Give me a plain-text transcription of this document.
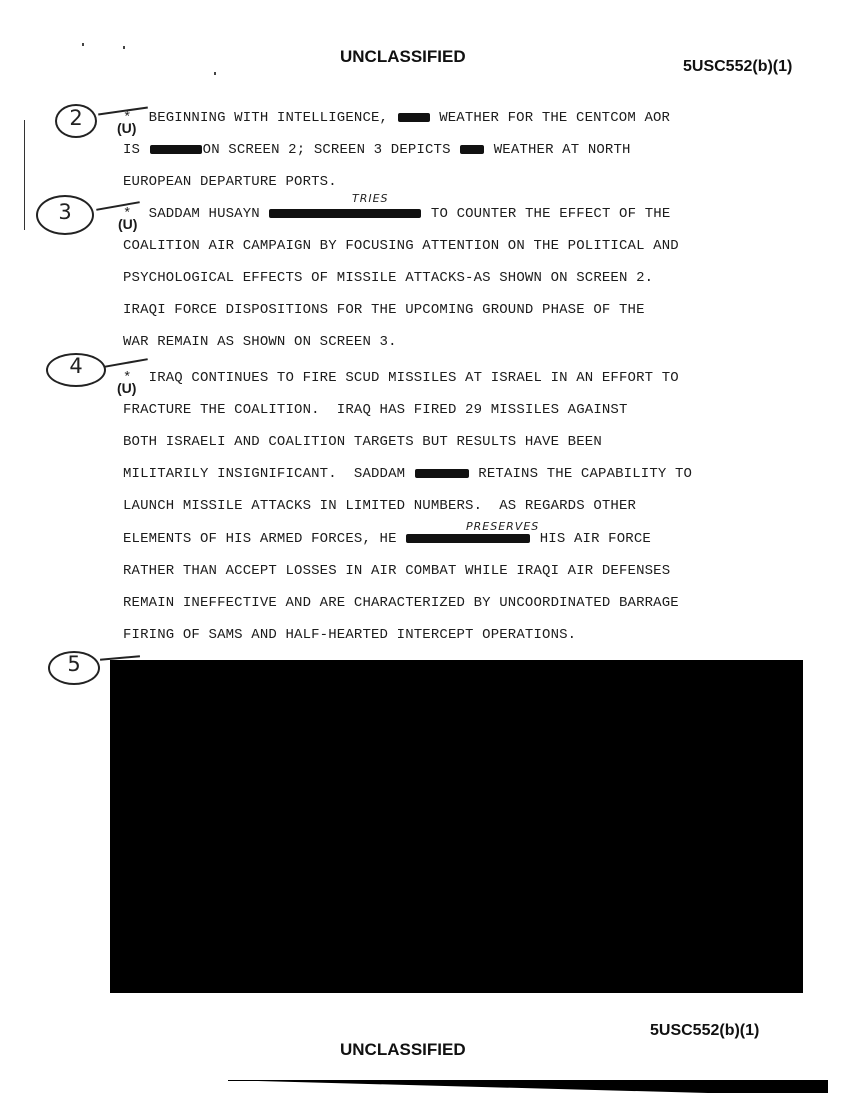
UNCLASSIFIED
5USC552(b)(1)
2	(U)
*  BEGINNING WITH INTELLIGENCE,  WEATHER FOR THE CENTCOM AOR
IS	ON SCREEN 2; SCREEN 3 DEPICTS  WEATHER AT NORTH
EUROPEAN DEPARTURE PORTS.
3
TRIES
(U)
*  SADDAM HUSAYN	TO COUNTER THE EFFECT OF THE
COALITION AIR CAMPAIGN BY FOCUSING ATTENTION ON THE POLITICAL AND
PSYCHOLOGICAL EFFECTS OF MISSILE ATTACKS-AS SHOWN ON SCREEN 2.
IRAQI FORCE DISPOSITIONS FOR THE UPCOMING GROUND PHASE OF THE
WAR REMAIN AS SHOWN ON SCREEN 3.
4
(U)
*  IRAQ CONTINUES TO FIRE SCUD MISSILES AT ISRAEL IN AN EFFORT TO
FRACTURE THE COALITION.  IRAQ HAS FIRED 29 MISSILES AGAINST
BOTH ISRAELI AND COALITION TARGETS BUT RESULTS HAVE BEEN
MILITARILY INSIGNIFICANT.  SADDAM	RETAINS THE CAPABILITY TO
LAUNCH MISSILE ATTACKS IN LIMITED NUMBERS.  AS REGARDS OTHER
PRESERVES
ELEMENTS OF HIS ARMED FORCES, HE	HIS AIR FORCE
RATHER THAN ACCEPT LOSSES IN AIR COMBAT WHILE IRAQI AIR DEFENSES
REMAIN INEFFECTIVE AND ARE CHARACTERIZED BY UNCOORDINATED BARRAGE
FIRING OF SAMS AND HALF-HEARTED INTERCEPT OPERATIONS.
5
5USC552(b)(1)
UNCLASSIFIED
